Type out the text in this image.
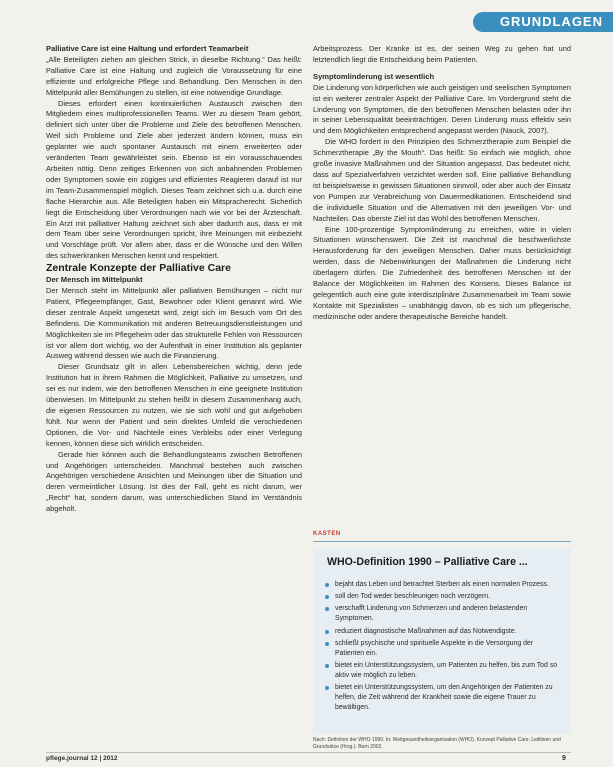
GRUNDLAGEN

Palliative Care ist eine Haltung und erfordert Teamarbeit

„Alle Beteiligten ziehen am gleichen Strick, in dieselbe Richtung.“ Das heißt: Palliative Care ist eine Haltung und zugleich die Voraussetzung für eine effiziente und erfolgreiche Pflege und Behandlung. Den Menschen in den Mittelpunkt aller Bemühungen zu stellen, ist eine notwendige Grundlage.

Dieses erfordert einen kontinuierlichen Austausch zwischen den Mitgliedern eines multiprofessionellen Teams. Wer zu diesem Team gehört, definiert sich unter über die Probleme und Ziele des betroffenen Menschen. Weil sich Probleme und Ziele aber jederzeit ändern können, muss ein geplanter wie auch spontaner Austausch mit einem erweiterten oder veränderten Team gewährleistet sein. Ebenso ist ein vorausschauendes Arbeiten nötig. Denn zeitiges Erkennen von sich anbahnenden Problemen oder Symptomen sowie ein zügiges und effizientes Reagieren darauf ist nur im Team-Zusammenspiel möglich. Dieses Team zeichnet sich u.a. durch eine flache Hierarchie aus. Alle Beteiligten haben ein Mitspracherecht. Sicherlich liegt die Entscheidung über Verordnungen nach wie vor bei der Ärzteschaft. Ein Arzt mit palliativer Haltung zeichnet sich aber dadurch aus, dass er mit dem Team über seine Verordnungen spricht, ihre Meinungen mit einbezieht und Vorschläge prüft. Vor allem aber, dass er die Wünsche und den Willen des schwerkranken Menschen kennt und respektiert.

Zentrale Konzepte der Palliative Care

Der Mensch im Mittelpunkt

Der Mensch steht im Mittelpunkt aller palliativen Bemühungen – nicht nur Patient, Pflegeempfänger, Gast, Bewohner oder Klient genannt wird. Wie dieser zentrale Aspekt umgesetzt wird, zeigt sich im Besuch vom Ort des Befindens. Die Kommunikation mit anderen Betreuungsdienstleistungen und Möglichkeiten sie im Pflegeheim oder das strukturelle Fehlen von Ressourcen ist vor allem dort wichtig, wo der Aufenthalt in einer Institution als geplanter Ausweg während dessen wie auch die Finanzierung.

Dieser Grundsatz gilt in allen Lebensbereichen wichtig, denn jede Institution hat in ihrem Rahmen die Möglichkeit, Palliative zu umsetzen, und sei es nur indem, wie den betroffenen Menschen in eine geeignete Institution überwiesen. Im Mittelpunkt zu stehen heißt in diesem Zusammenhang auch, die eigenen Ressourcen zu nutzen, wie sie sich wohl und gut aufgehoben fühlt. Nur wenn der Patient und sein direktes Umfeld die verschiedenen Optionen, die Vor- und Nachteile eines Verbleibs oder einer Verlegung kennen, können diese sich wirklich entscheiden.

Gerade hier können auch die Behandlungsteams zwischen Betroffenen und Angehörigen unterscheiden. Manchmal bestehen auch zwischen Angehörigen verschiedene Ansichten und Meinungen über die Situation und deren vermeintlicher Lösung. Ist dies der Fall, geht es nicht darum, wer „Recht“ hat, sondern darum, was unterschiedlichen Stand im Verständnis abgeholt.

Arbeitsprozess. Der Kranke ist es, der seinen Weg zu gehen hat und letztendlich liegt die Entscheidung beim Patienten.

Symptomlinderung ist wesentlich

Die Linderung von körperlichen wie auch geistigen und seelischen Symptomen ist ein weiterer zentraler Aspekt der Palliative Care. Im Vordergrund steht die Linderung von Symptomen, die den betroffenen Menschen belasten oder ihn in seiner Lebensqualität beeinträchtigen. Deren Linderung muss effektiv sein und dem Möglichkeiten entsprechend angepasst werden (Nauck, 2007).

Die WHO fordert in den Prinzipien des Schmerztherapie zum Beispiel die Schmerztherapie „By the Mouth“. Das heißt: So einfach wie möglich, ohne große invasive Maßnahmen und der Situation angepasst. Das bedeutet nicht, dass auf Spezialverfahren verzichtet werden soll. Eine palliative Behandlung ist beispielsweise in gewissen Situationen sinnvoll, oder aber auch der Einsatz von Pumpen zur Verabreichung von Dauermedikationen. Entscheidend sind die individuelle Situation und die Alternativen mit den jeweiligen Vor- und Nachteilen. Das oberste Ziel ist das Wohl des betroffenen Menschen.

Eine 100-prozentige Symptomlinderung zu erreichen, wäre in vielen Situationen wünschenswert. Die Zeit ist manchmal die beschwerlichste Herausforderung für den jeweiligen Menschen. Daher muss berücksichtigt werden, dass die Nebenwirkungen der Maßnahmen die Linderung nicht überlagern dürfen. Die Zufriedenheit des betroffenen Menschen ist der Balance der Möglichkeiten im Rahmen des Konsens. Dieses Balance ist gelegentlich auch eine gute interdisziplinäre Zusammenarbeit im Team sowie Kontakte mit Spezialisten – unabhängig davon, ob es sich um pflegerische, medizinische oder andere therapeutische Bereiche handelt.

KASTEN
WHO-Definition 1990 – Palliative Care ...
bejaht das Leben und betrachtet Sterben als einen normalen Prozess.
soll den Tod weder beschleunigen noch verzögern.
verschafft Linderung von Schmerzen und anderen belastenden Symptomen.
reduziert diagnostische Maßnahmen auf das Notwendigste.
schließt psychische und spirituelle Aspekte in die Versorgung der Patienten ein.
bietet ein Unterstützungssystem, um Patienten zu helfen, bis zum Tod so aktiv wie möglich zu leben.
bietet ein Unterstützungssystem, um den Angehörigen der Patienten zu helfen, die Zeit während der Krankheit sowie die eigene Trauer zu bewältigen.
Nach: Definition der WHO 1990. In: Weltgesundheitsorganisation (WHO). Konzept Palliative Care. Leitlinien und Grundsätze (Hrsg.). Bern 2002.
pflege.journal 12 | 2012	9
